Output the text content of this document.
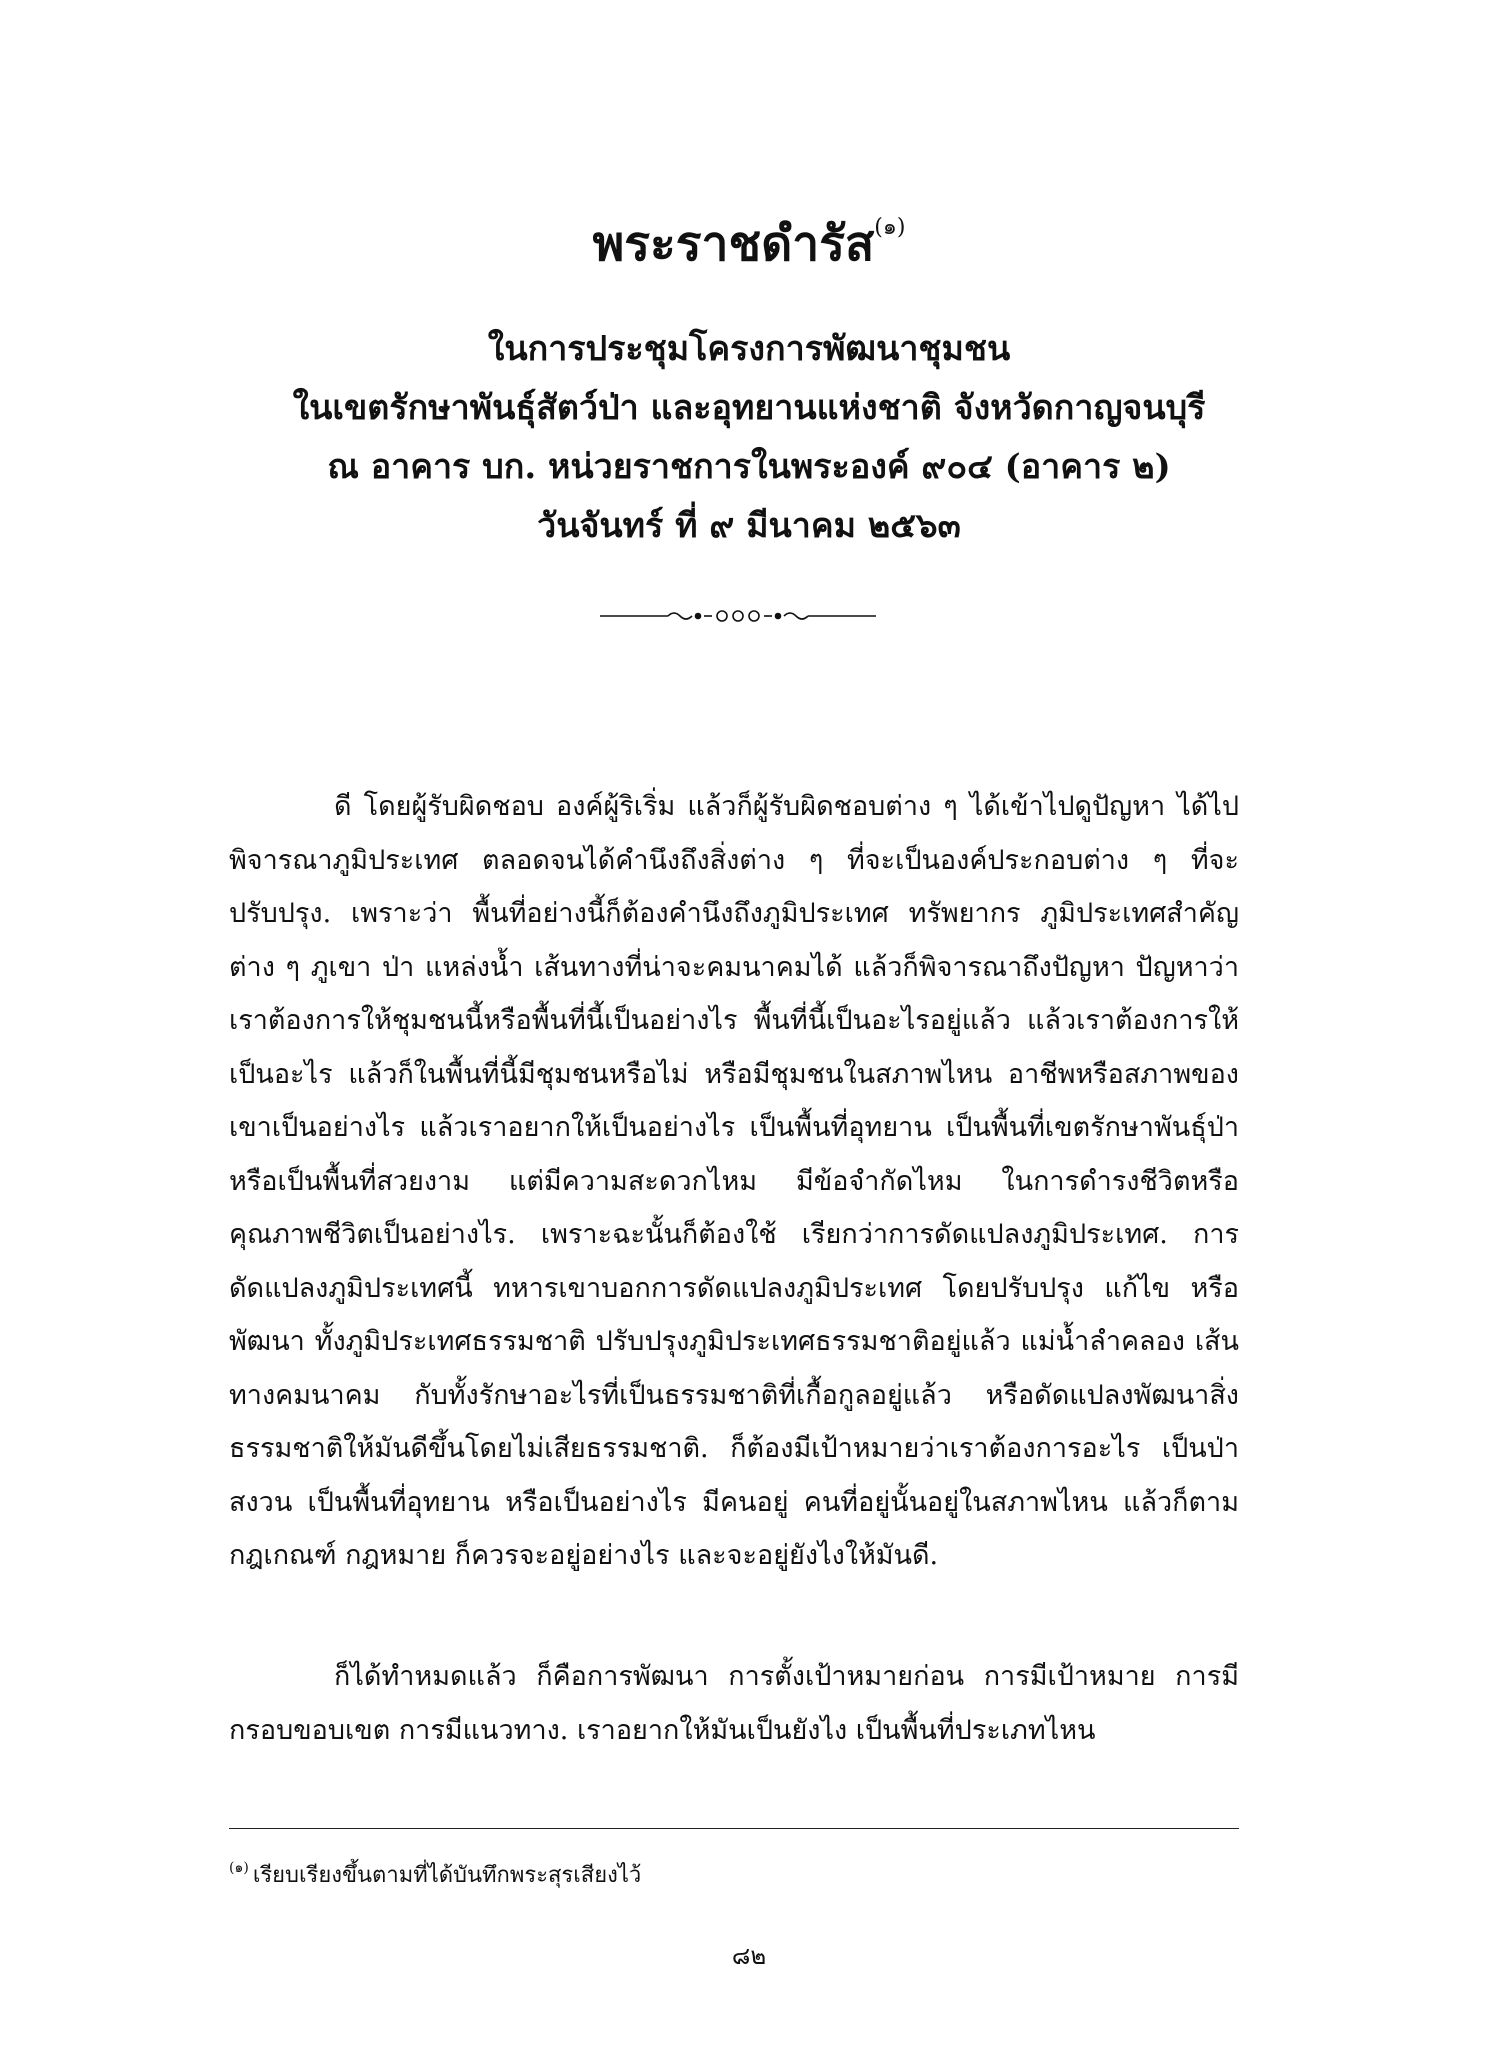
พระราชดำรัส$^{(๑)}$

ในการประชุมโครงการพัฒนาชุมชน

ในเขตรักษาพันธุ์สัตว์ป่า และอุทยานแห่งชาติ จังหวัดกาญจนบุรี

ณ อาคาร บก. หน่วยราชการในพระองค์ ๙๐๔ (อาคาร ๒)

วันจันทร์ ที่ ๙ มีนาคม ๒๕๖๓

ดี โดยผู้รับผิดชอบ องค์ผู้ริเริ่ม แล้วก็ผู้รับผิดชอบต่าง ๆ ได้เข้าไปดูปัญหา ได้ไปพิจารณาภูมิประเทศ ตลอดจนได้คำนึงถึงสิ่งต่าง ๆ ที่จะเป็นองค์ประกอบต่าง ๆ ที่จะปรับปรุง. เพราะว่า พื้นที่อย่างนี้ก็ต้องคำนึงถึงภูมิประเทศ ทรัพยากร ภูมิประเทศสำคัญต่าง ๆ ภูเขา ป่า แหล่งน้ำ เส้นทางที่น่าจะคมนาคมได้ แล้วก็พิจารณาถึงปัญหา ปัญหาว่าเราต้องการให้ชุมชนนี้หรือพื้นที่นี้เป็นอย่างไร พื้นที่นี้เป็นอะไรอยู่แล้ว แล้วเราต้องการให้เป็นอะไร แล้วก็ในพื้นที่นี้มีชุมชนหรือไม่ หรือมีชุมชนในสภาพไหน อาชีพหรือสภาพของเขาเป็นอย่างไร แล้วเราอยากให้เป็นอย่างไร เป็นพื้นที่อุทยาน เป็นพื้นที่เขตรักษาพันธุ์ป่า หรือเป็นพื้นที่สวยงาม แต่มีความสะดวกไหม มีข้อจำกัดไหม ในการดำรงชีวิตหรือคุณภาพชีวิตเป็นอย่างไร. เพราะฉะนั้นก็ต้องใช้ เรียกว่าการดัดแปลงภูมิประเทศ. การดัดแปลงภูมิประเทศนี้ ทหารเขาบอกการดัดแปลงภูมิประเทศ โดยปรับปรุง แก้ไข หรือพัฒนา ทั้งภูมิประเทศธรรมชาติ ปรับปรุงภูมิประเทศธรรมชาติอยู่แล้ว แม่น้ำลำคลอง เส้นทางคมนาคม กับทั้งรักษาอะไรที่เป็นธรรมชาติที่เกื้อกูลอยู่แล้ว หรือดัดแปลงพัฒนาสิ่งธรรมชาติให้มันดีขึ้นโดยไม่เสียธรรมชาติ. ก็ต้องมีเป้าหมายว่าเราต้องการอะไร เป็นป่าสงวน เป็นพื้นที่อุทยาน หรือเป็นอย่างไร มีคนอยู่ คนที่อยู่นั้นอยู่ในสภาพไหน แล้วก็ตาม กฎเกณฑ์ กฎหมาย ก็ควรจะอยู่อย่างไร และจะอยู่ยังไงให้มันดี.

ก็ได้ทำหมดแล้ว ก็คือการพัฒนา การตั้งเป้าหมายก่อน การมีเป้าหมาย การมีกรอบขอบเขต การมีแนวทาง. เราอยากให้มันเป็นยังไง เป็นพื้นที่ประเภทไหน

$^{(๑)}$ เรียบเรียงขึ้นตามที่ได้บันทึกพระสุรเสียงไว้

๘๒
